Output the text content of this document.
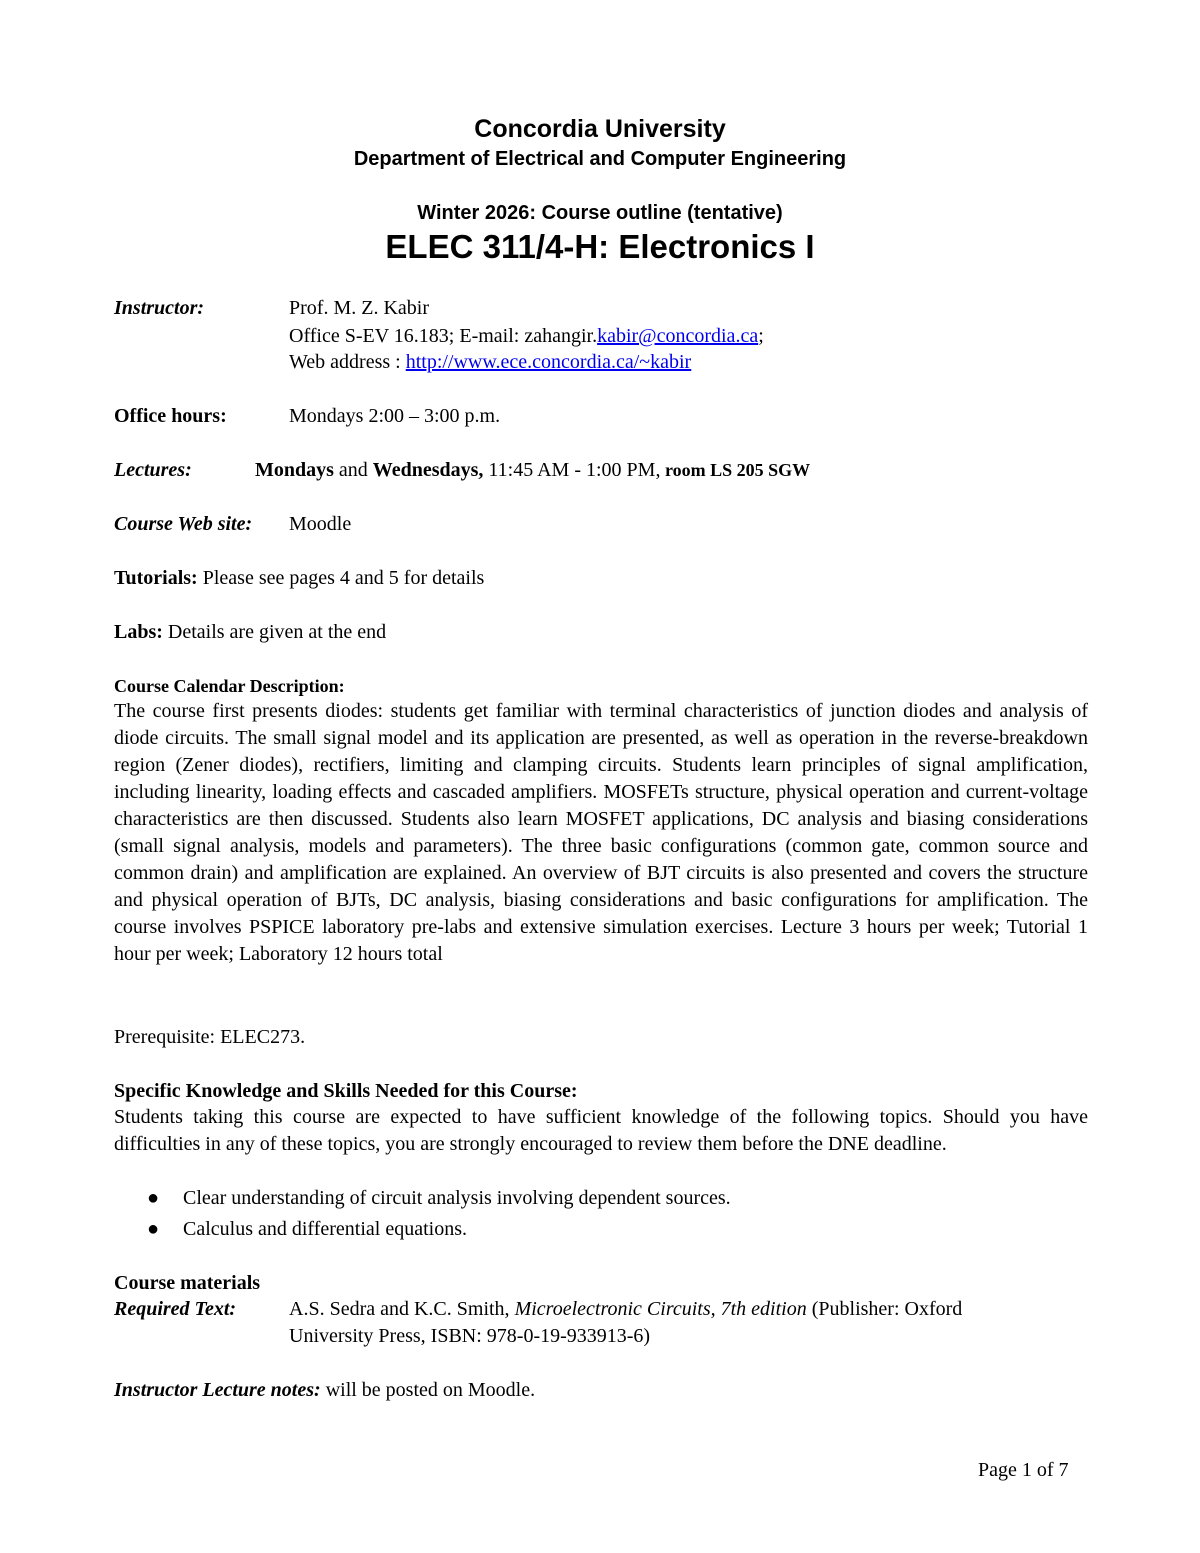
Concordia University
Department of Electrical and Computer Engineering
Winter 2026: Course outline (tentative)
ELEC 311/4-H: Electronics I
Instructor:	Prof. M. Z. Kabir
Office S-EV 16.183; E-mail: zahangir.kabir@concordia.ca;
Web address : http://www.ece.concordia.ca/~kabir
Office hours:	Mondays 2:00 – 3:00 p.m.
Lectures:	Mondays and Wednesdays, 11:45 AM - 1:00 PM, room LS 205 SGW
Course Web site: Moodle
Tutorials: Please see pages 4 and 5 for details
Labs: Details are given at the end
Course Calendar Description:
The course first presents diodes: students get familiar with terminal characteristics of junction diodes and analysis of diode circuits. The small signal model and its application are presented, as well as operation in the reverse-breakdown region (Zener diodes), rectifiers, limiting and clamping circuits. Students learn principles of signal amplification, including linearity, loading effects and cascaded amplifiers. MOSFETs structure, physical operation and current-voltage characteristics are then discussed. Students also learn MOSFET applications, DC analysis and biasing considerations (small signal analysis, models and parameters). The three basic configurations (common gate, common source and common drain) and amplification are explained. An overview of BJT circuits is also presented and covers the structure and physical operation of BJTs, DC analysis, biasing considerations and basic configurations for amplification. The course involves PSPICE laboratory pre-labs and extensive simulation exercises. Lecture 3 hours per week; Tutorial 1 hour per week; Laboratory 12 hours total
Prerequisite: ELEC273.
Specific Knowledge and Skills Needed for this Course:
Students taking this course are expected to have sufficient knowledge of the following topics. Should you have difficulties in any of these topics, you are strongly encouraged to review them before the DNE deadline.
● Clear understanding of circuit analysis involving dependent sources.
● Calculus and differential equations.
Course materials
Required Text:	A.S. Sedra and K.C. Smith, Microelectronic Circuits, 7th edition (Publisher: Oxford
University Press, ISBN: 978-0-19-933913-6)
Instructor Lecture notes: will be posted on Moodle.
Page 1 of 7
